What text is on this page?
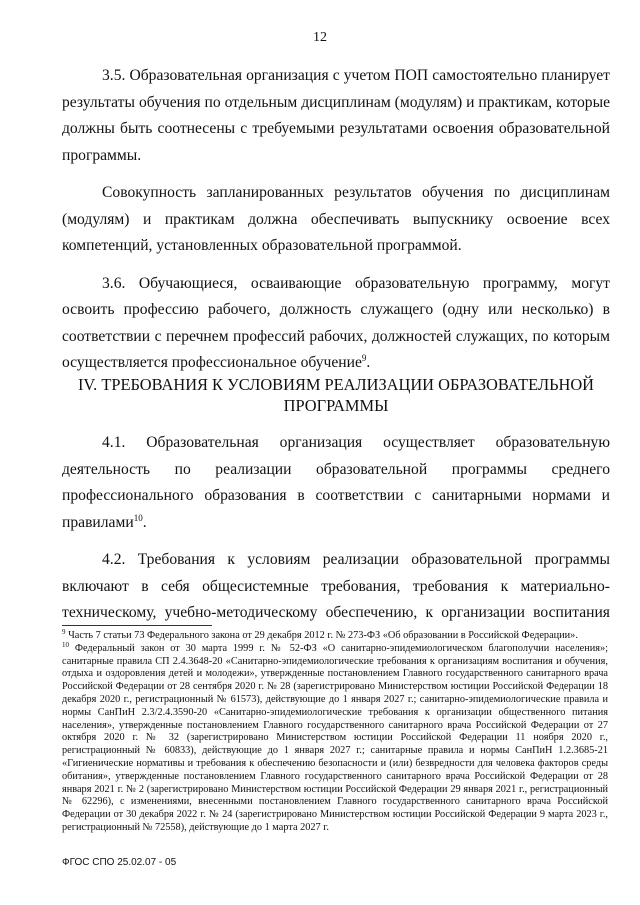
12

3.5. Образовательная организация с учетом ПОП самостоятельно планирует результаты обучения по отдельным дисциплинам (модулям) и практикам, которые должны быть соотнесены с требуемыми результатами освоения образовательной программы.

Совокупность запланированных результатов обучения по дисциплинам (модулям) и практикам должна обеспечивать выпускнику освоение всех компетенций, установленных образовательной программой.

3.6. Обучающиеся, осваивающие образовательную программу, могут освоить профессию рабочего, должность служащего (одну или несколько) в соответствии с перечнем профессий рабочих, должностей служащих, по которым осуществляется профессиональное обучение$^9$.

IV. ТРЕБОВАНИЯ К УСЛОВИЯМ РЕАЛИЗАЦИИ ОБРАЗОВАТЕЛЬНОЙ
ПРОГРАММЫ

4.1. Образовательная организация осуществляет образовательную деятельность по реализации образовательной программы среднего профессионального образования в соответствии с санитарными нормами и правилами$^{10}$.

4.2. Требования к условиям реализации образовательной программы включают в себя общесистемные требования, требования к материально-техническому, учебно-методическому обеспечению, к организации воспитания

$^9$ Часть 7 статьи 73 Федерального закона от 29 декабря 2012 г. № 273-ФЗ «Об образовании в Российской Федерации».

$^{10}$ Федеральный закон от 30 марта 1999 г. № 52-ФЗ «О санитарно-эпидемиологическом благополучии населения»; санитарные правила СП 2.4.3648-20 «Санитарно-эпидемиологические требования к организациям воспитания и обучения, отдыха и оздоровления детей и молодежи», утвержденные постановлением Главного государственного санитарного врача Российской Федерации от 28 сентября 2020 г. № 28 (зарегистрировано Министерством юстиции Российской Федерации 18 декабря 2020 г., регистрационный № 61573), действующие до 1 января 2027 г.; санитарно-эпидемиологические правила и нормы СанПиН 2.3/2.4.3590-20 «Санитарно-эпидемиологические требования к организации общественного питания населения», утвержденные постановлением Главного государственного санитарного врача Российской Федерации от 27 октября 2020 г. № 32 (зарегистрировано Министерством юстиции Российской Федерации 11 ноября 2020 г., регистрационный № 60833), действующие до 1 января 2027 г.; санитарные правила и нормы СанПиН 1.2.3685-21 «Гигиенические нормативы и требования к обеспечению безопасности и (или) безвредности для человека факторов среды обитания», утвержденные постановлением Главного государственного санитарного врача Российской Федерации от 28 января 2021 г. № 2 (зарегистрировано Министерством юстиции Российской Федерации 29 января 2021 г., регистрационный № 62296), с изменениями, внесенными постановлением Главного государственного санитарного врача Российской Федерации от 30 декабря 2022 г. № 24 (зарегистрировано Министерством юстиции Российской Федерации 9 марта 2023 г., регистрационный № 72558), действующие до 1 марта 2027 г.

ФГОС СПО 25.02.07 - 05
